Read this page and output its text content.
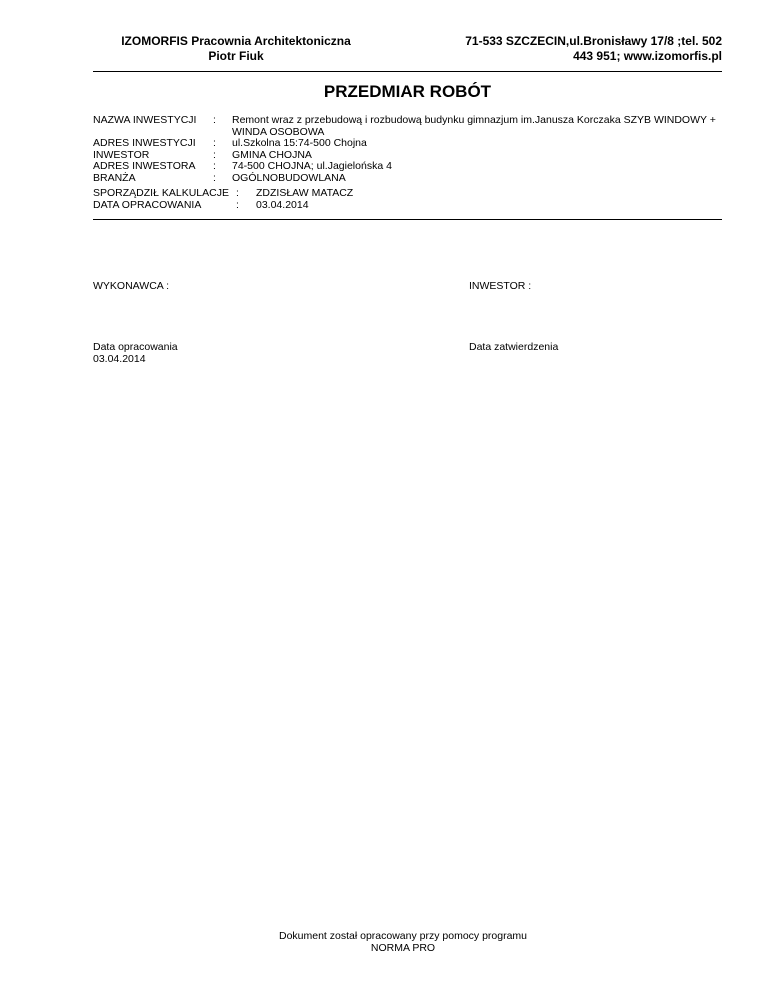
IZOMORFIS Pracownia Architektoniczna
Piotr Fiuk
71-533 SZCZECIN,ul.Bronisławy 17/8 ;tel. 502
443 951; www.izomorfis.pl
PRZEDMIAR ROBÓT
NAZWA INWESTYCJI : Remont wraz z przebudową i rozbudową budynku gimnazjum im.Janusza Korczaka SZYB WINDOWY +
WINDA OSOBOWA
ADRES INWESTYCJI : ul.Szkolna 15:74-500 Chojna
INWESTOR	: GMINA CHOJNA
ADRES INWESTORA : 74-500 CHOJNA; ul.Jagielońska 4
BRANŻA	: OGÓLNOBUDOWLANA
SPORZĄDZIŁ KALKULACJE : ZDZISŁAW MATACZ
DATA OPRACOWANIA	: 03.04.2014
WYKONAWCA :	INWESTOR :
Data opracowania
03.04.2014
Data zatwierdzenia
Dokument został opracowany przy pomocy programu
NORMA PRO
